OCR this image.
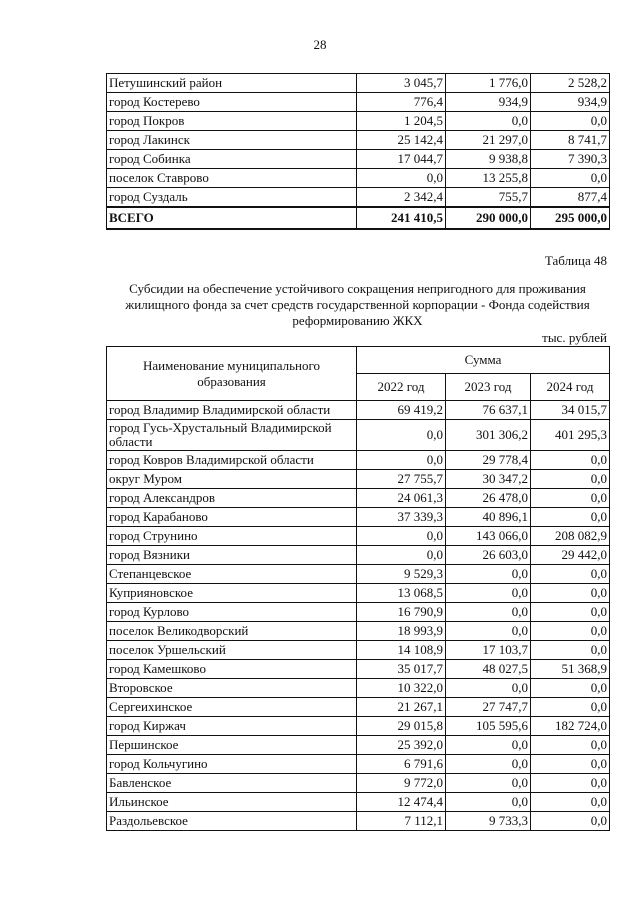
28
Петушинский район	3 045,7	1 776,0	2 528,2
город Костерево	776,4	934,9	934,9
город Покров	1 204,5	0,0	0,0
город Лакинск	25 142,4	21 297,0	8 741,7
город Собинка	17 044,7	9 938,8	7 390,3
поселок Ставрово	0,0	13 255,8	0,0
город Суздаль	2 342,4	755,7	877,4
ВСЕГО	241 410,5	290 000,0	295 000,0
Таблица 48
Субсидии на обеспечение устойчивого сокращения непригодного для проживания
жилищного фонда за счет средств государственной корпорации - Фонда содействия
реформированию ЖКХ
тыс. рублей
Наименование муниципального образования	Сумма		
	2022 год	2023 год	2024 год
город Владимир Владимирской области	69 419,2	76 637,1	34 015,7
город Гусь-Хрустальный Владимирской области	0,0	301 306,2	401 295,3
город Ковров Владимирской области	0,0	29 778,4	0,0
округ Муром	27 755,7	30 347,2	0,0
город Александров	24 061,3	26 478,0	0,0
город Карабаново	37 339,3	40 896,1	0,0
город Струнино	0,0	143 066,0	208 082,9
город Вязники	0,0	26 603,0	29 442,0
Степанцевское	9 529,3	0,0	0,0
Куприяновское	13 068,5	0,0	0,0
город Курлово	16 790,9	0,0	0,0
поселок Великодворский	18 993,9	0,0	0,0
поселок Уршельский	14 108,9	17 103,7	0,0
город Камешково	35 017,7	48 027,5	51 368,9
Второвское	10 322,0	0,0	0,0
Сергеихинское	21 267,1	27 747,7	0,0
город Киржач	29 015,8	105 595,6	182 724,0
Першинское	25 392,0	0,0	0,0
город Кольчугино	6 791,6	0,0	0,0
Бавленское	9 772,0	0,0	0,0
Ильинское	12 474,4	0,0	0,0
Раздольевское	7 112,1	9 733,3	0,0
